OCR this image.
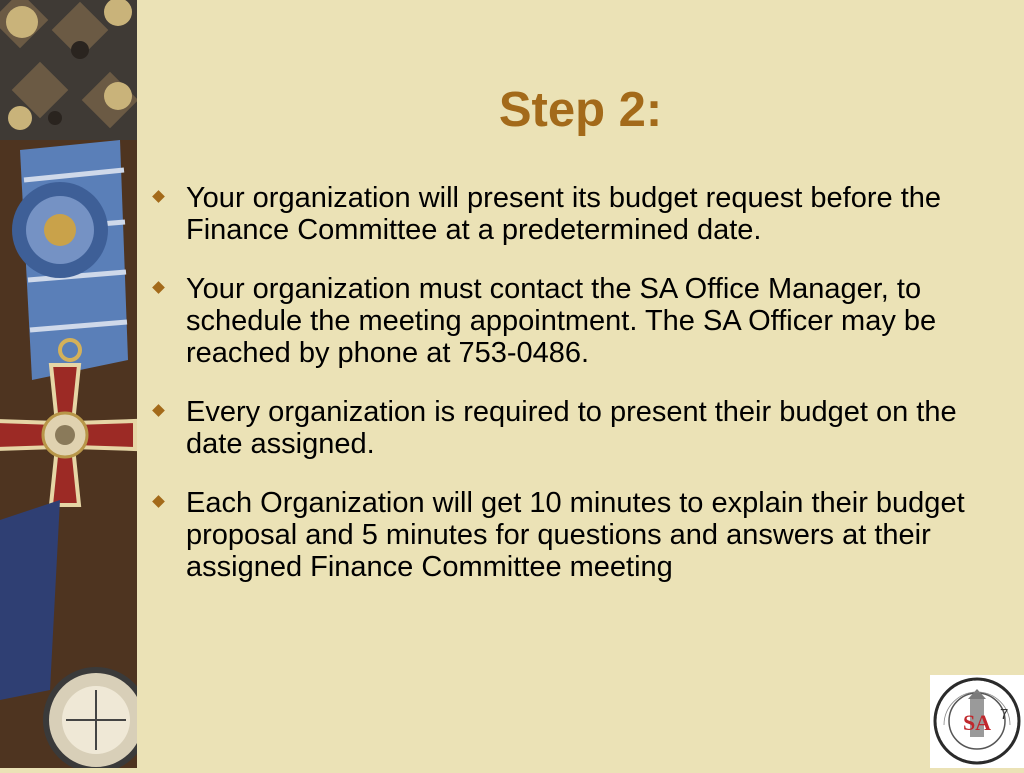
Step 2:
Your organization will present its budget request before the Finance Committee at a predetermined date.
Your organization must contact the SA Office Manager, to schedule the meeting appointment. The SA Officer may be reached by phone at 753-0486.
Every organization is required to present their budget on the date assigned.
Each Organization will get 10 minutes to explain their budget proposal and 5 minutes for questions and answers at their assigned Finance Committee meeting
SA 7
